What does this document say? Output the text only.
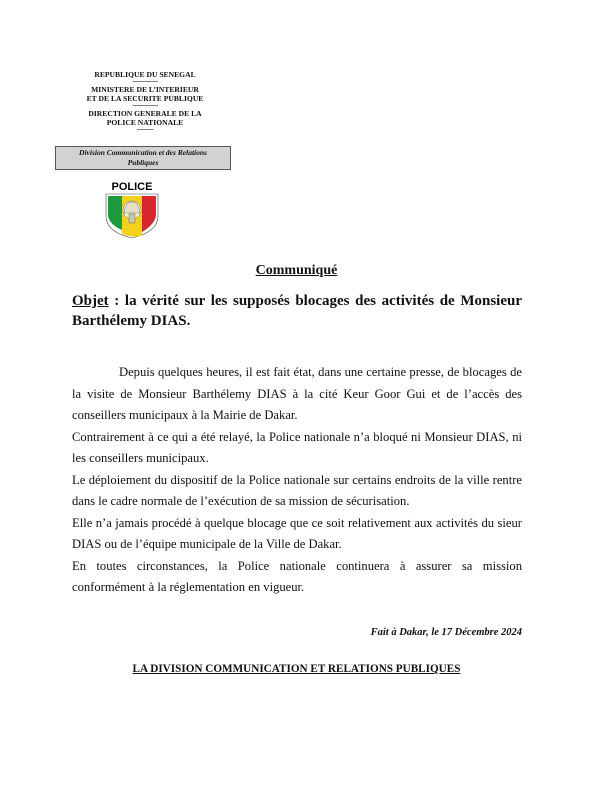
REPUBLIQUE DU SENEGAL
-----------------
MINISTERE DE L’INTERIEUR
ET DE LA SECURITE PUBLIQUE
-----------------
DIRECTION GENERALE DE LA
POLICE NATIONALE
-----------
Division Communication et des Relations
Publiques
POLICE
Communiqué
Objet : la vérité sur les supposés blocages des activités de Monsieur Barthélemy DIAS.

Depuis quelques heures, il est fait état, dans une certaine presse, de blocages de la visite de Monsieur Barthélemy DIAS à la cité Keur Goor Gui et de l’accès des conseillers municipaux à la Mairie de Dakar.

Contrairement à ce qui a été relayé, la Police nationale n’a bloqué ni Monsieur DIAS, ni les conseillers municipaux.

Le déploiement du dispositif de la Police nationale sur certains endroits de la ville rentre dans le cadre normale de l’exécution de sa mission de sécurisation.

Elle n’a jamais procédé à quelque blocage que ce soit relativement aux activités du sieur DIAS ou de l’équipe municipale de la Ville de Dakar.

En toutes circonstances, la Police nationale continuera à assurer sa mission conformément à la réglementation en vigueur.

Fait à Dakar, le 17 Décembre 2024
LA DIVISION COMMUNICATION ET RELATIONS PUBLIQUES
